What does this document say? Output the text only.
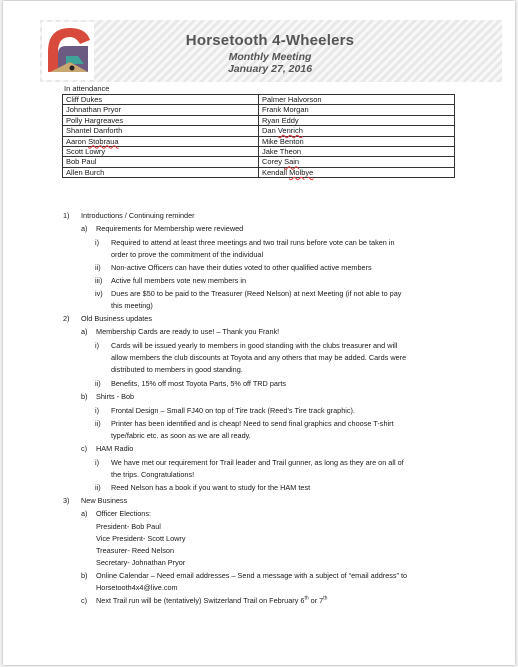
Horsetooth 4-Wheelers
Monthly Meeting
January 27, 2016
In attendance
Cliff Dukes	Palmer Halvorson
Johnathan Pryor	Frank Morgan
Polly Hargreaves	Ryan Eddy
Shantel Danforth	Dan Venrich
Aaron Stobraua	Mike Benton
Scott Lowry	Jake Theon
Bob Paul	Corey Sain
Allen Burch	Kendall Molbye
1) Introductions / Continuing reminder
a) Requirements for Membership were reviewed
i) Required to attend at least three meetings and two trail runs before vote can be taken in
order to prove the commitment of the individual
ii) Non-active Officers can have their duties voted to other qualified active members
iii) Active full members vote new members in
iv) Dues are $50 to be paid to the Treasurer (Reed Nelson) at next Meeting (if not able to pay
this meeting)
2) Old Business updates
a) Membership Cards are ready to use! – Thank you Frank!
i) Cards will be issued yearly to members in good standing with the clubs treasurer and will
allow members the club discounts at Toyota and any others that may be added. Cards were
distributed to members in good standing.
ii) Benefits, 15% off most Toyota Parts, 5% off TRD parts
b) Shirts - Bob
i) Frontal Design – Small FJ40 on top of Tire track (Reed’s Tire track graphic).
ii) Printer has been identified and is cheap! Need to send final graphics and choose T-shirt
type/fabric etc. as soon as we are all ready.
c) HAM Radio
i) We have met our requirement for Trail leader and Trail gunner, as long as they are on all of
the trips. Congratulations!
ii) Reed Nelson has a book if you want to study for the HAM test
3) New Business
a) Officer Elections:
President- Bob Paul
Vice President- Scott Lowry
Treasurer- Reed Nelson
Secretary- Johnathan Pryor
b) Online Calendar – Need email addresses – Send a message with a subject of “email address” to
Horsetooth4x4@live.com
c) Next Trail run will be (tentatively) Switzerland Trail on February 6th or 7th
